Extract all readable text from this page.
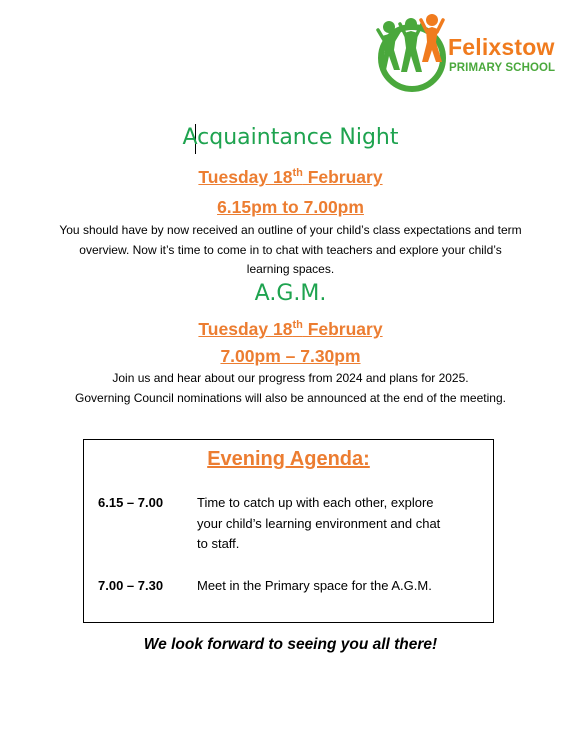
Felixstow
PRIMARY SCHOOL
Acquaintance Night
Tuesday 18th February
6.15pm to 7.00pm
You should have by now received an outline of your child’s class expectations and term
overview. Now it’s time to come in to chat with teachers and explore your child’s
learning spaces.
A.G.M.
Tuesday 18th February
7.00pm – 7.30pm
Join us and hear about our progress from 2024 and plans for 2025.
Governing Council nominations will also be announced at the end of the meeting.
Evening Agenda:
6.15 – 7.00	Time to catch up with each other, explore
your child’s learning environment and chat
to staff.
7.00 – 7.30	Meet in the Primary space for the A.G.M.
We look forward to seeing you all there!
